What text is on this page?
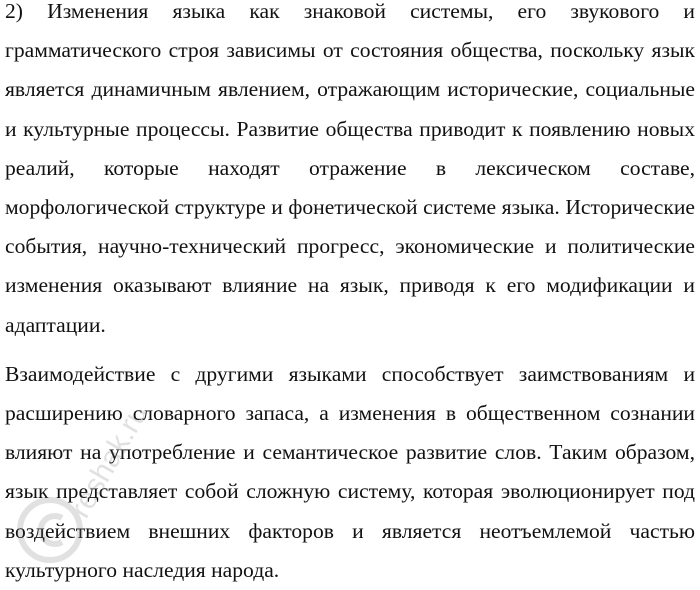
2) Изменения языка как знаковой системы, его звукового и грамматического строя зависимы от состояния общества, поскольку язык является динамичным явлением, отражающим исторические, социальные и культурные процессы. Развитие общества приводит к появлению новых реалий, которые находят отражение в лексическом составе, морфологической структуре и фонетической системе языка. Исторические события, научно-технический прогресс, экономические и политические изменения оказывают влияние на язык, приводя к его модификации и адаптации.

Взаимодействие с другими языками способствует заимствованиям и расширению словарного запаса, а изменения в общественном сознании влияют на употребление и семантическое развитие слов. Таким образом, язык представляет собой сложную систему, которая эволюционирует под воздействием внешних факторов и является неотъемлемой частью культурного наследия народа.

reshak.ru
